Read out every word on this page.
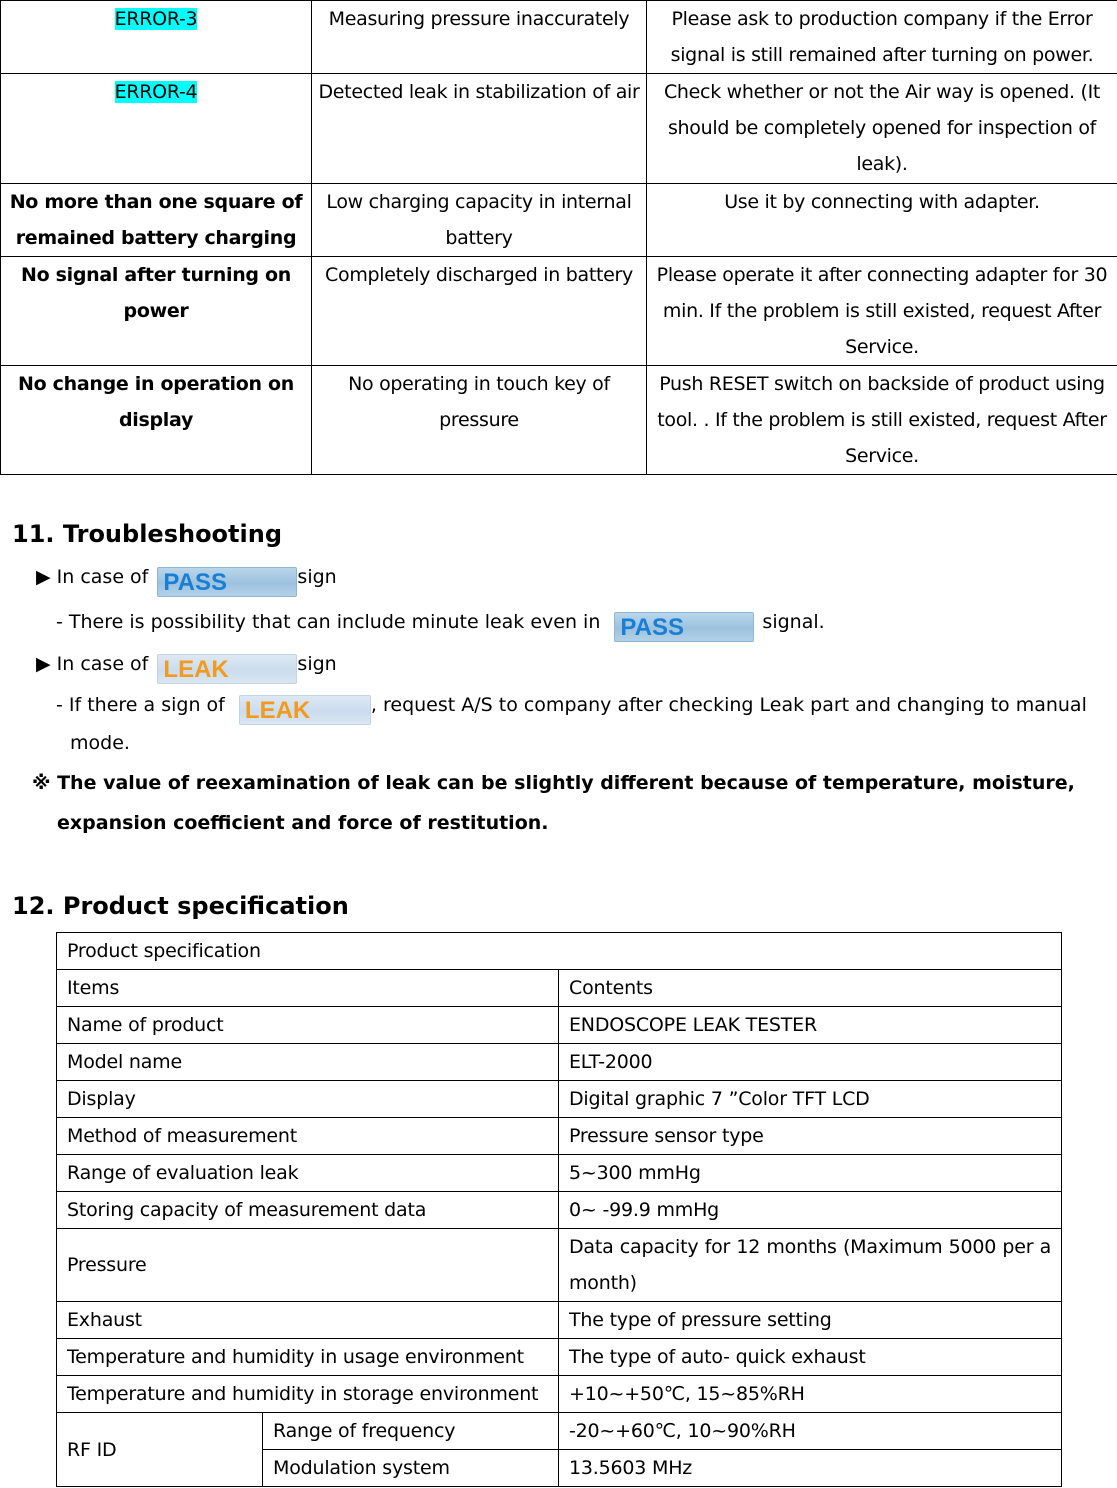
ERROR-3	Measuring pressure inaccurately	Please ask to production company if the Error signal is still remained after turning on power.
ERROR-4	Detected leak in stabilization of air	Check whether or not the Air way is opened. (It should be completely opened for inspection of leak).
No more than one square of remained battery charging	Low charging capacity in internal battery	Use it by connecting with adapter.
No signal after turning on power	Completely discharged in battery	Please operate it after connecting adapter for 30 min. If the problem is still existed, request After Service.
No change in operation on display	No operating in touch key of pressure	Push RESET switch on backside of product using tool. . If the problem is still existed, request After Service.
11. Troubleshooting
▶ In case of PASS	sign
- There is possibility that can include minute leak even in PASS	signal.
▶ In case of LEAK	sign
- If there a sign of LEAK	, request A/S to company after checking Leak part and changing to manual
mode.
※ The value of reexamination of leak can be slightly different because of temperature, moisture,
expansion coefficient and force of restitution.
12. Product specification
Product specification		
Items		Contents
Name of product		ENDOSCOPE LEAK TESTER
Model name		ELT-2000
Display		Digital graphic 7 ”Color TFT LCD
Method of measurement		Pressure sensor type
Range of evaluation leak		5~300 mmHg
Storing capacity of measurement data		0~ -99.9 mmHg
Pressure		Data capacity for 12 months (Maximum 5000 per a month)
Exhaust		The type of pressure setting
Temperature and humidity in usage environment		The type of auto- quick exhaust
Temperature and humidity in storage environment		+10~+50℃, 15~85%RH
RF ID	Range of frequency	-20~+60℃, 10~90%RH
	Modulation system	13.5603 MHz
